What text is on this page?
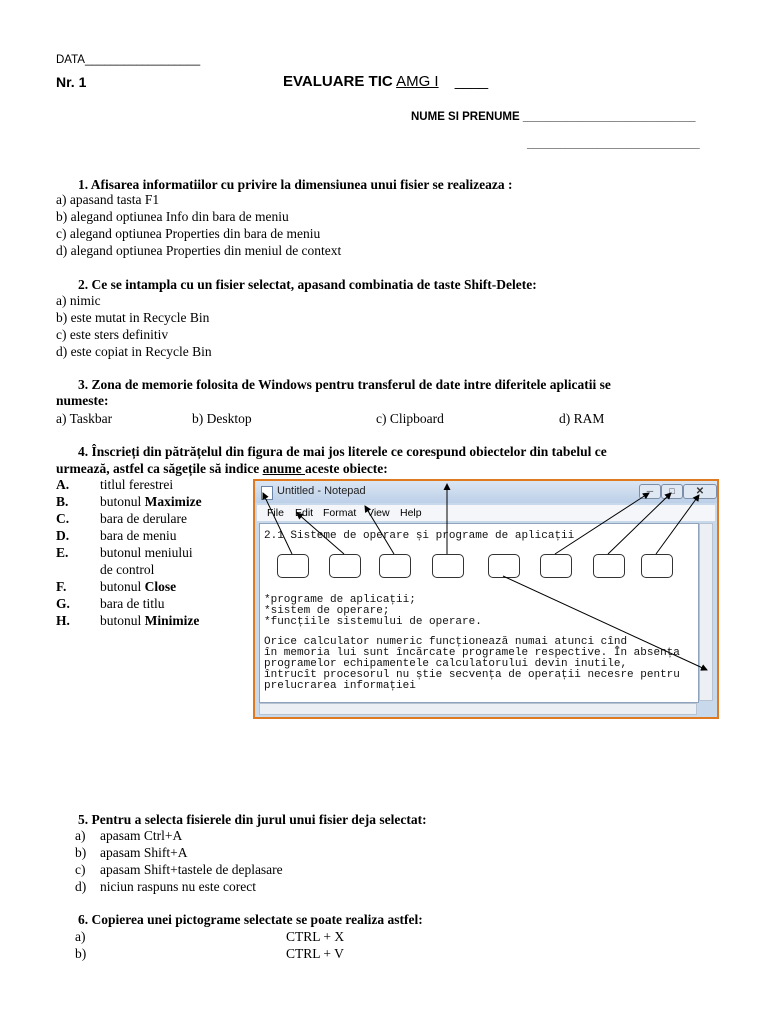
DATA__________________
Nr. 1	EVALUARE TIC AMG I ____
NUME SI PRENUME ___________________________
___________________________
1. Afisarea informatiilor cu privire la dimensiunea unui fisier se realizeaza :
a) apasand tasta F1
b) alegand optiunea Info din bara de meniu
c) alegand optiunea Properties din bara de meniu
d) alegand optiunea Properties din meniul de context
2. Ce se intampla cu un fisier selectat, apasand combinatia de taste Shift-Delete:
a) nimic
b) este mutat in Recycle Bin
c) este sters definitiv
d) este copiat in Recycle Bin
3. Zona de memorie folosita de Windows pentru transferul de date intre diferitele aplicatii se
numeste:
a) Taskbar	b) Desktop	c) Clipboard	d) RAM
4. Înscrieți din pătrățelul din figura de mai jos literele ce corespund obiectelor din tabelul ce
urmează, astfel ca săgețile să indice anume aceste obiecte:
A. titlul ferestrei
B. butonul Maximize
C. bara de derulare
D. bara de meniu
E. butonul meniului
de control
F. butonul Close
G. bara de titlu
H. butonul Minimize
Untitled - Notepad	─	□	✕
File Edit Format View Help
2.1 Sisteme de operare și programe de aplicații
*programe de aplicații;
*sistem de operare;
*funcțiile sistemului de operare.
Orice calculator numeric funcționează numai atunci cînd
în memoria lui sunt încărcate programele respective. În absența
programelor echipamentele calculatorului devin inutile,
întrucît procesorul nu știe secvența de operații necesre pentru
prelucrarea informației
5. Pentru a selecta fisierele din jurul unui fisier deja selectat:
a) apasam Ctrl+A
b) apasam Shift+A
c) apasam Shift+tastele de deplasare
d) niciun raspuns nu este corect
6. Copierea unei pictograme selectate se poate realiza astfel:
a)	CTRL + X
b)	CTRL + V
